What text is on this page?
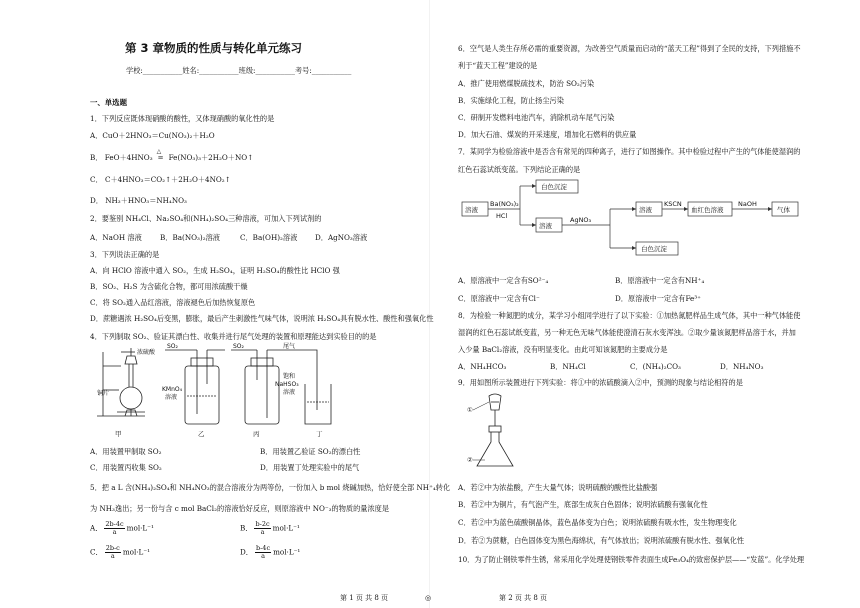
第 3 章物质的性质与转化单元练习
学校:___________姓名:___________班级:___________考号:___________
一、单选题
1．下列反应既体现硝酸的酸性，又体现硝酸的氧化性的是
A．CuO＋2HNO₃＝Cu(NO₃)₂＋H₂O
B． FeO＋4HNO₃
△
═ Fe(NO₃)₃＋2H₂O＋NO↑
C． C＋4HNO₃＝CO₂↑＋2H₂O＋4NO₂↑
D． NH₃＋HNO₃＝NH₄NO₃
2．要鉴别 NH₄Cl、Na₂SO₄和(NH₄)₂SO₄三种溶液，可加入下列试剂的
A．NaOH 溶液	B．Ba(NO₃)₂溶液	C．Ba(OH)₂溶液 D．AgNO₃溶液
3．下列说法正确的是
A．向 HClO 溶液中通入 SO₂，生成 H₂SO₄，证明 H₂SO₄的酸性比 HClO 强
B．SO₂、H₂S 为含硫化合物，都可用浓硫酸干燥
C．将 SO₂通入品红溶液，溶液褪色后加热恢复原色
D．蔗糖遇浓 H₂SO₄后变黑，膨胀，最后产生刺激性气味气体，说明浓 H₂SO₄具有脱水性、酸性和强氧化性
4．下列制取 SO₂、验证其漂白性、收集并进行尾气处理的装置和原理能达到实验目的的是
浓硫酸
铜片
SO₂
KMnO₄
溶液
SO₂	尾气
饱和
NaHSO₃
溶液
甲	乙	丙	丁
A．用装置甲制取 SO₂	B．用装置乙验证 SO₂的漂白性
C．用装置丙收集 SO₂	D．用装置丁处理实验中的尾气
5．把 a L 含(NH₄)₂SO₄和 NH₄NO₃的混合溶液分为两等份，一份加入 b mol 烧碱加热，恰好使全部 NH⁺₄转化
为 NH₃逸出；另一份与含 c mol BaCl₂的溶液恰好反应，则原溶液中 NO⁻₃的物质的量浓度是
A． $\frac{2b-4c}{a} mol\cdot L^{-1}$	B． $\frac{b-2c}{a} mol\cdot L^{-1}$
C． $\frac{2b-c}{a} mol\cdot L^{-1}$	D． $\frac{b-4c}{a} mol\cdot L^{-1}$
第 1 页 共 8 页	◎
6．空气是人类生存所必需的重要资源，为改善空气质量而启动的“蓝天工程”得到了全民的支持，下列措施不
利于“蓝天工程”建设的是
A．推广使用燃煤脱硫技术，防治 SO₂污染
B．实施绿化工程，防止扬尘污染
C．研制开发燃料电池汽车，消除机动车尾气污染
D．加大石油、煤炭的开采速度，增加化石燃料的供应量
7．某同学为检验溶液中是否含有常见的四种离子，进行了如图操作。其中检验过程中产生的气体能使湿润的
红色石蕊试纸变蓝。下列结论正确的是
溶液
Ba(NO₃)₂
HCl
白色沉淀
溶液
AgNO₃
溶液
KSCN
血红色溶液
NaOH
气体
白色沉淀
A．原溶液中一定含有SO²⁻₄	B．原溶液中一定含有NH⁺₄
C．原溶液中一定含有Cl⁻	D．原溶液中一定含有Fe³⁺
8．为检验一种氮肥的成分，某学习小组同学进行了以下实验：①加热氮肥样品生成气体，其中一种气体能使
湿润的红色石蕊试纸变蓝，另一种无色无味气体能使澄清石灰水变浑浊。②取少量该氮肥样品溶于水，并加
入少量 BaCl₂溶液，没有明显变化。由此可知该氮肥的主要成分是
A．NH₄HCO₃	B．NH₄Cl	C．(NH₄)₂CO₃	D．NH₄NO₃
9．用如图所示装置进行下列实验：将①中的浓硫酸滴入②中，预测的现象与结论相符的是
①
②
A．若②中为浓盐酸，产生大量气体；说明硫酸的酸性比盐酸强
B．若②中为铜片，有气泡产生，底部生成灰白色固体；说明浓硫酸有强氧化性
C．若②中为蓝色硫酸铜晶体，蓝色晶体变为白色；说明浓硫酸有吸水性，发生物理变化
D．若②为蔗糖，白色固体变为黑色海绵状，有气体放出；说明浓硫酸有脱水性、强氧化性
10．为了防止钢铁零件生锈，常采用化学处理使钢铁零件表面生成Fe₃O₄的致密保护层——“发蓝”。化学处理
第 2 页 共 8 页
